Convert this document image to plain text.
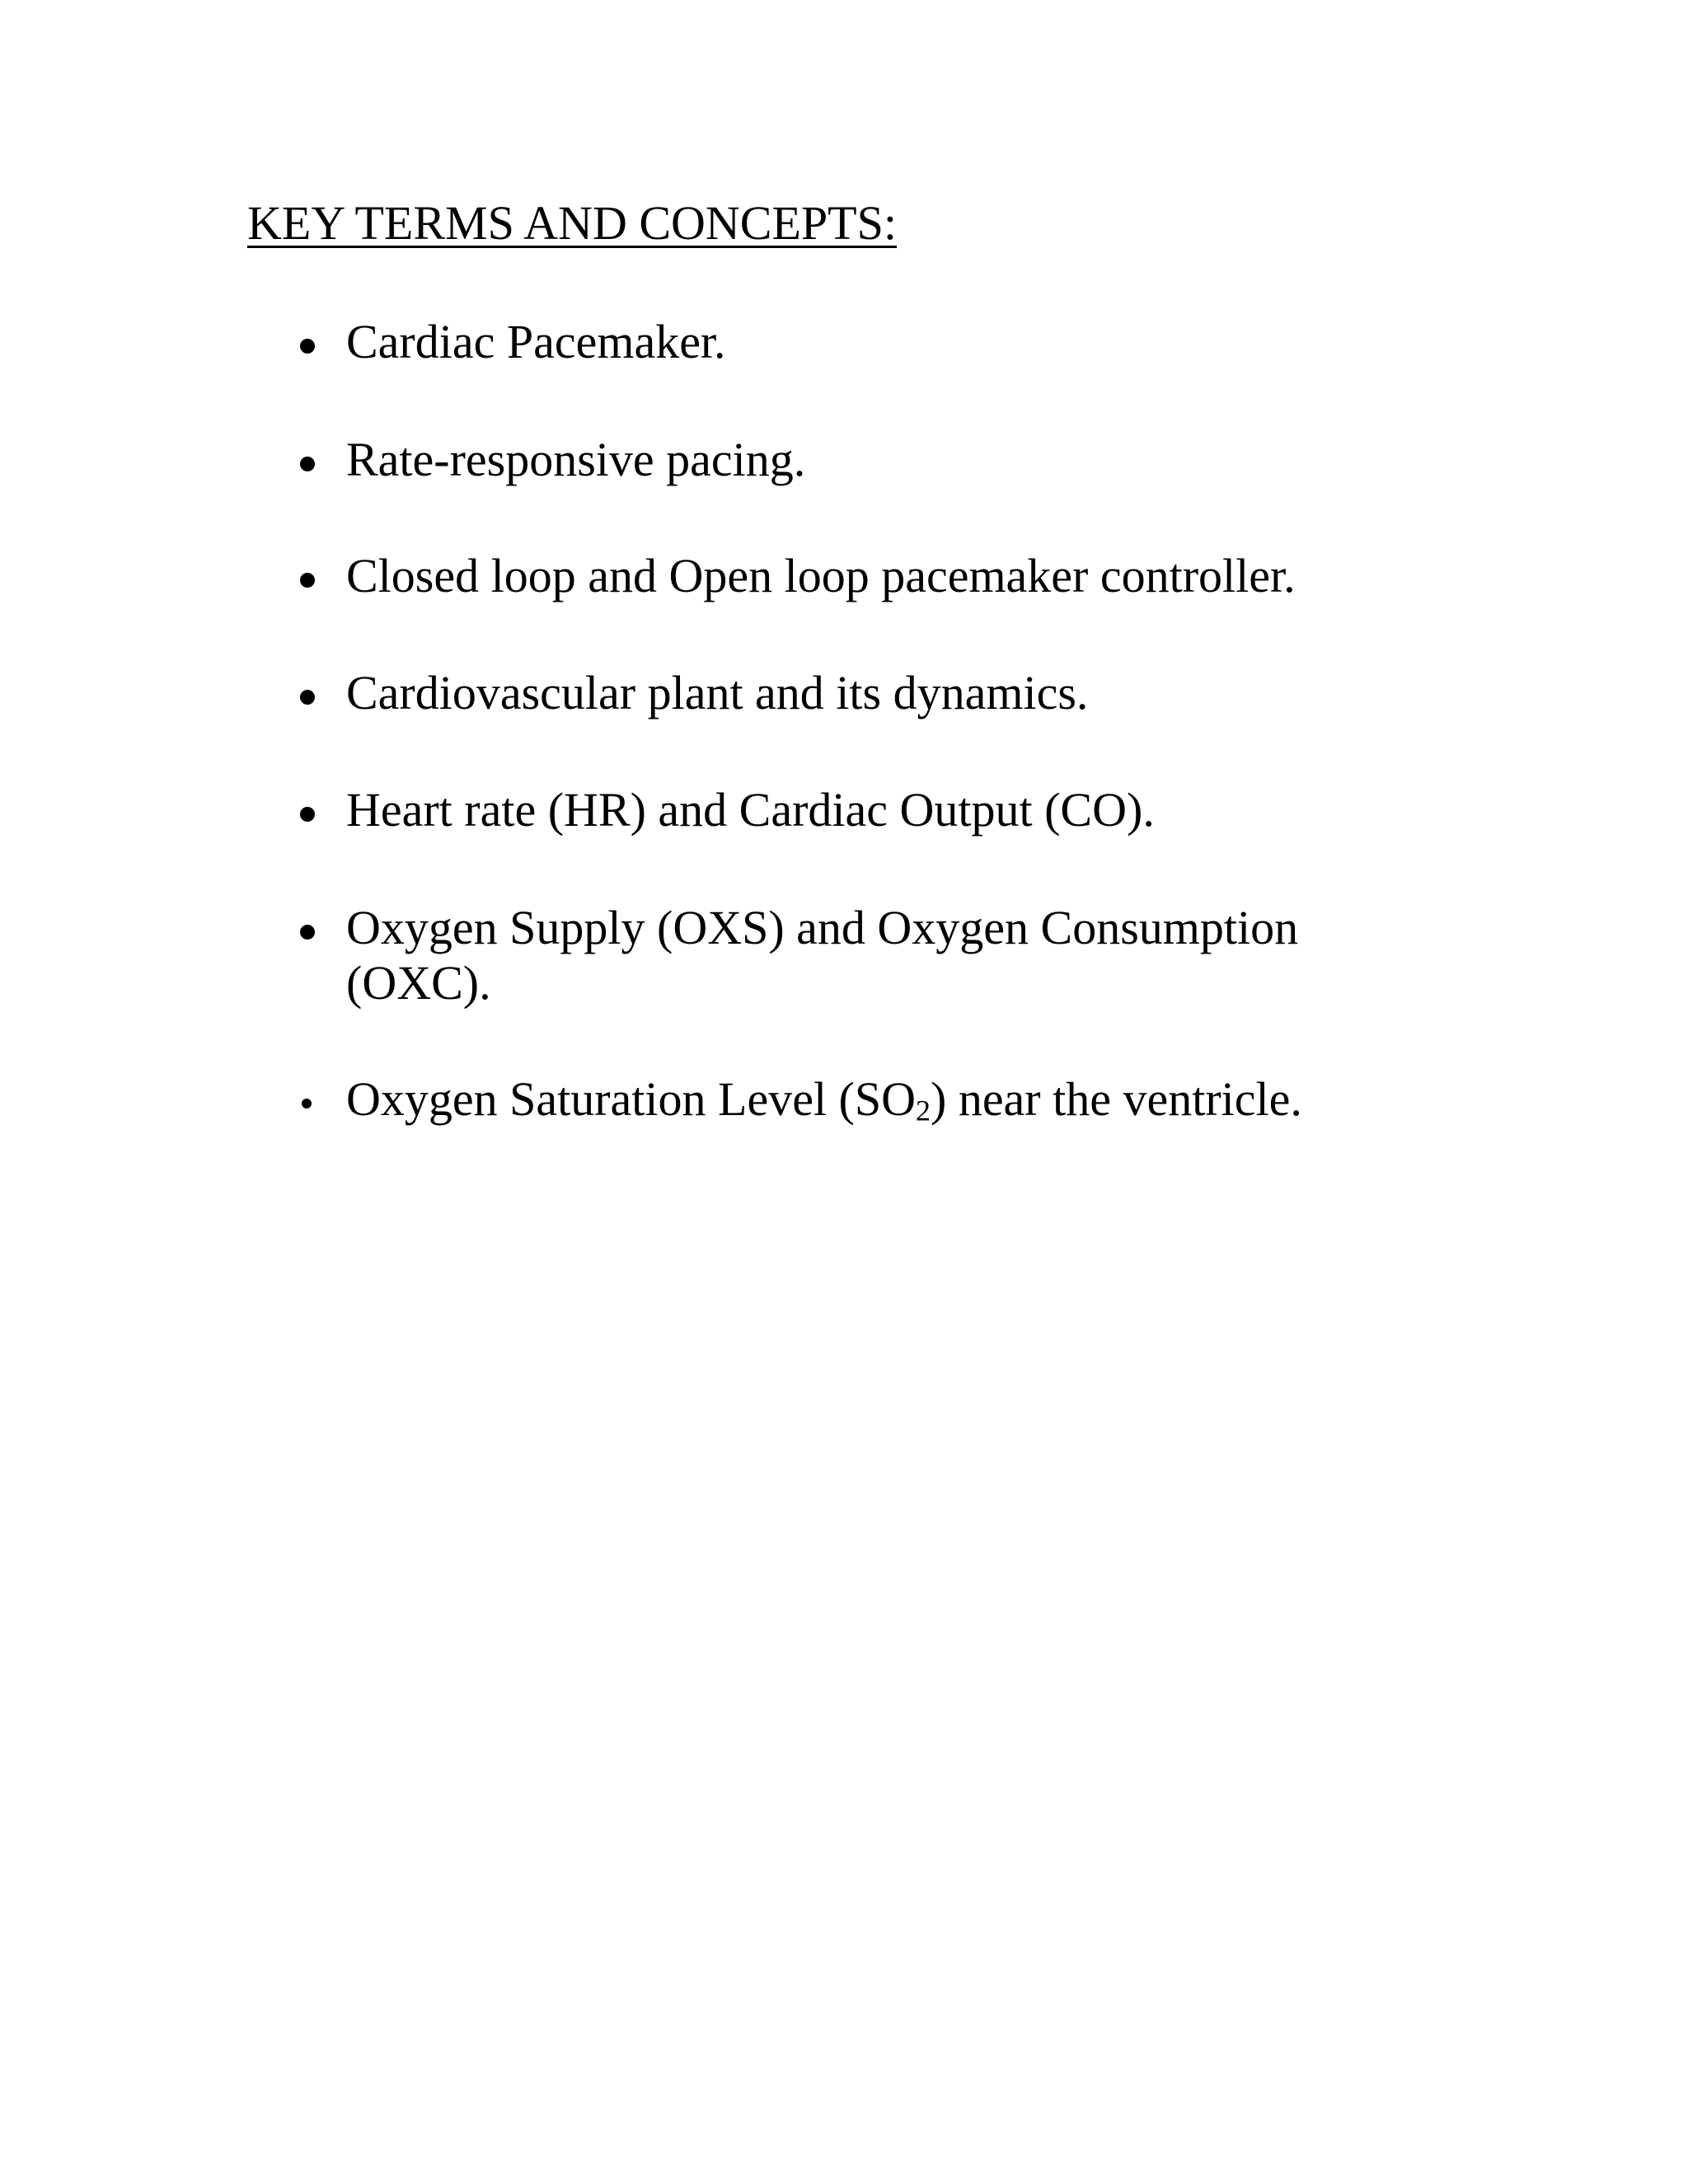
KEY TERMS AND CONCEPTS:
Cardiac Pacemaker.
Rate-responsive pacing.
Closed loop and Open loop pacemaker controller.
Cardiovascular plant and its dynamics.
Heart rate (HR) and Cardiac Output (CO).
Oxygen Supply (OXS) and Oxygen Consumption (OXC).
Oxygen Saturation Level $(SO_2)$ near the ventricle.
